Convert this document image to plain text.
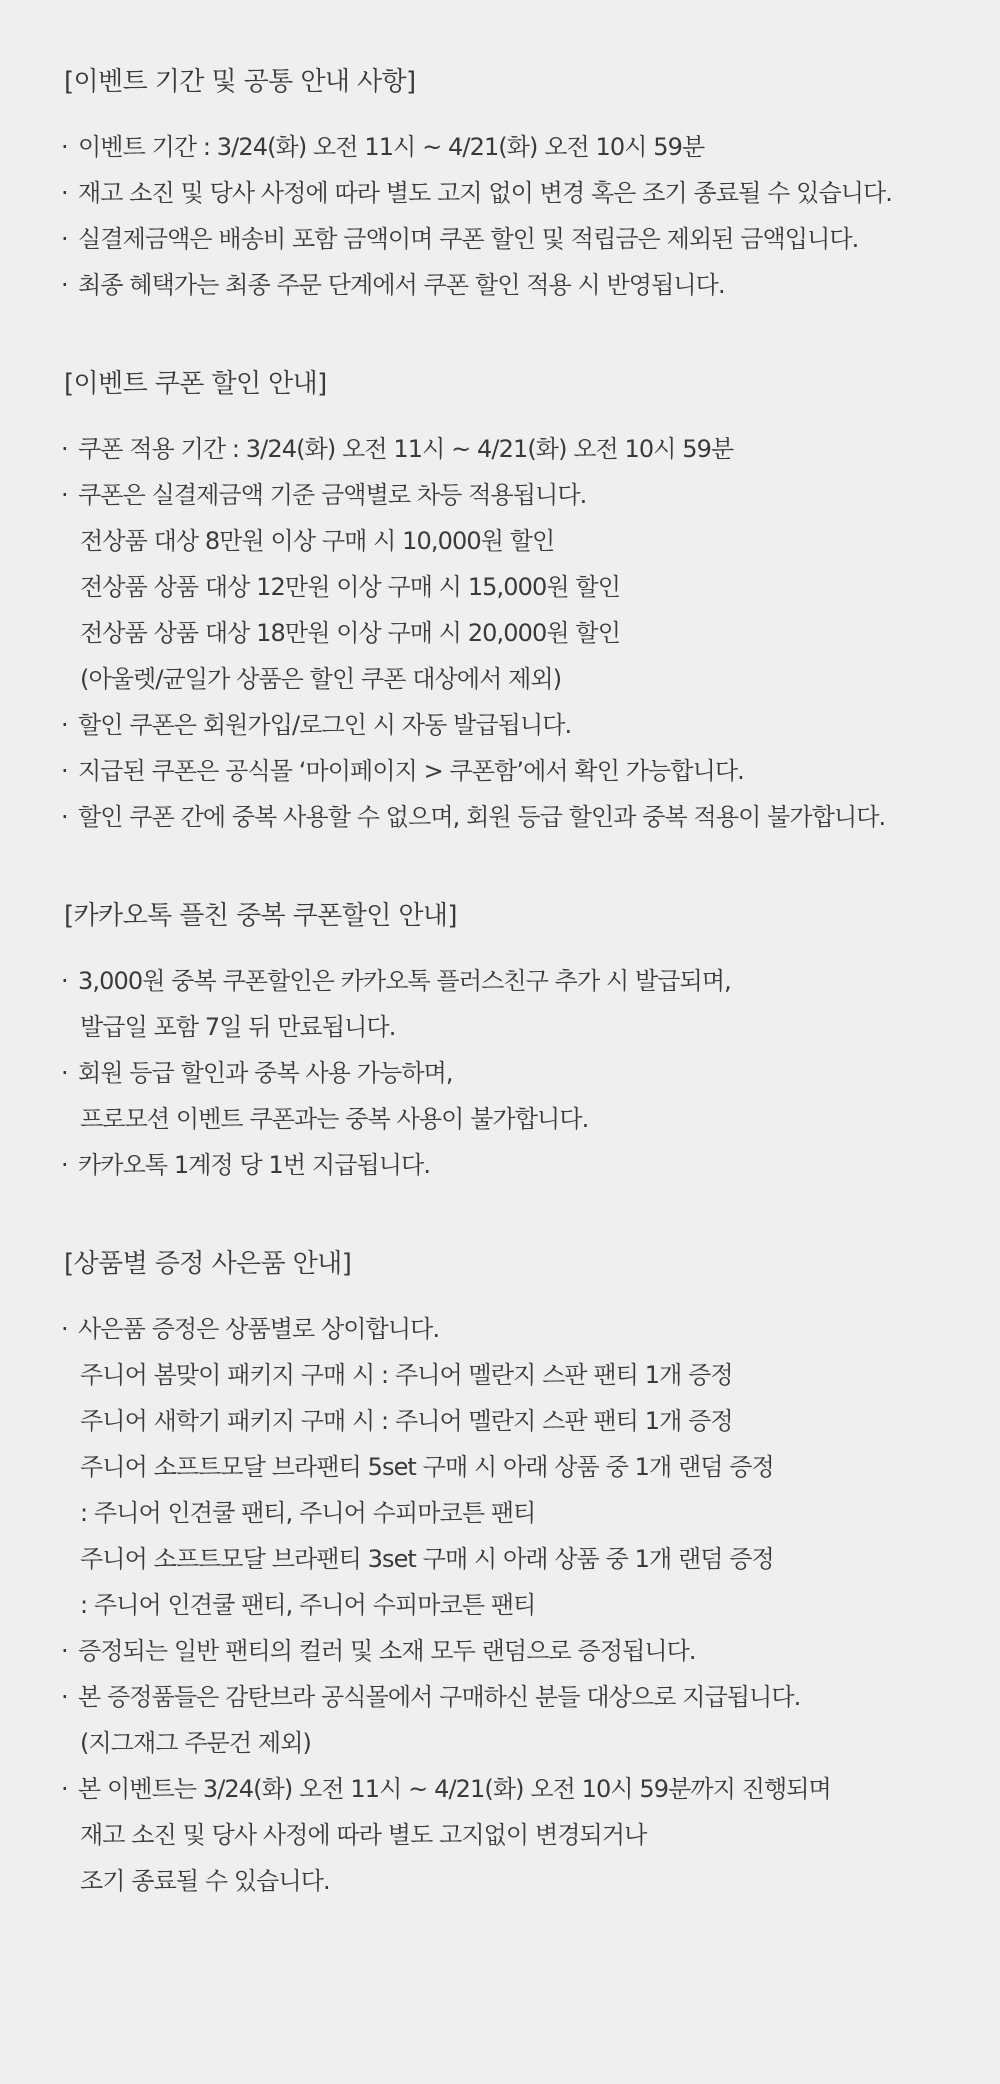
[이벤트 기간 및 공통 안내 사항]
· 이벤트 기간 : 3/24(화) 오전 11시 ~ 4/21(화) 오전 10시 59분
· 재고 소진 및 당사 사정에 따라 별도 고지 없이 변경 혹은 조기 종료될 수 있습니다.
· 실결제금액은 배송비 포함 금액이며 쿠폰 할인 및 적립금은 제외된 금액입니다.
· 최종 혜택가는 최종 주문 단계에서 쿠폰 할인 적용 시 반영됩니다.
[이벤트 쿠폰 할인 안내]
· 쿠폰 적용 기간 : 3/24(화) 오전 11시 ~ 4/21(화) 오전 10시 59분
· 쿠폰은 실결제금액 기준 금액별로 차등 적용됩니다.
전상품 대상 8만원 이상 구매 시 10,000원 할인
전상품 상품 대상 12만원 이상 구매 시 15,000원 할인
전상품 상품 대상 18만원 이상 구매 시 20,000원 할인
(아울렛/균일가 상품은 할인 쿠폰 대상에서 제외)
· 할인 쿠폰은 회원가입/로그인 시 자동 발급됩니다.
· 지급된 쿠폰은 공식몰 ‘마이페이지 > 쿠폰함’에서 확인 가능합니다.
· 할인 쿠폰 간에 중복 사용할 수 없으며, 회원 등급 할인과 중복 적용이 불가합니다.
[카카오톡 플친 중복 쿠폰할인 안내]
· 3,000원 중복 쿠폰할인은 카카오톡 플러스친구 추가 시 발급되며,
발급일 포함 7일 뒤 만료됩니다.
· 회원 등급 할인과 중복 사용 가능하며,
프로모션 이벤트 쿠폰과는 중복 사용이 불가합니다.
· 카카오톡 1계정 당 1번 지급됩니다.
[상품별 증정 사은품 안내]
· 사은품 증정은 상품별로 상이합니다.
주니어 봄맞이 패키지 구매 시 : 주니어 멜란지 스판 팬티 1개 증정
주니어 새학기 패키지 구매 시 : 주니어 멜란지 스판 팬티 1개 증정
주니어 소프트모달 브라팬티 5set 구매 시 아래 상품 중 1개 랜덤 증정
: 주니어 인견쿨 팬티, 주니어 수피마코튼 팬티
주니어 소프트모달 브라팬티 3set 구매 시 아래 상품 중 1개 랜덤 증정
: 주니어 인견쿨 팬티, 주니어 수피마코튼 팬티
· 증정되는 일반 팬티의 컬러 및 소재 모두 랜덤으로 증정됩니다.
· 본 증정품들은 감탄브라 공식몰에서 구매하신 분들 대상으로 지급됩니다.
(지그재그 주문건 제외)
· 본 이벤트는 3/24(화) 오전 11시 ~ 4/21(화) 오전 10시 59분까지 진행되며
재고 소진 및 당사 사정에 따라 별도 고지없이 변경되거나
조기 종료될 수 있습니다.
